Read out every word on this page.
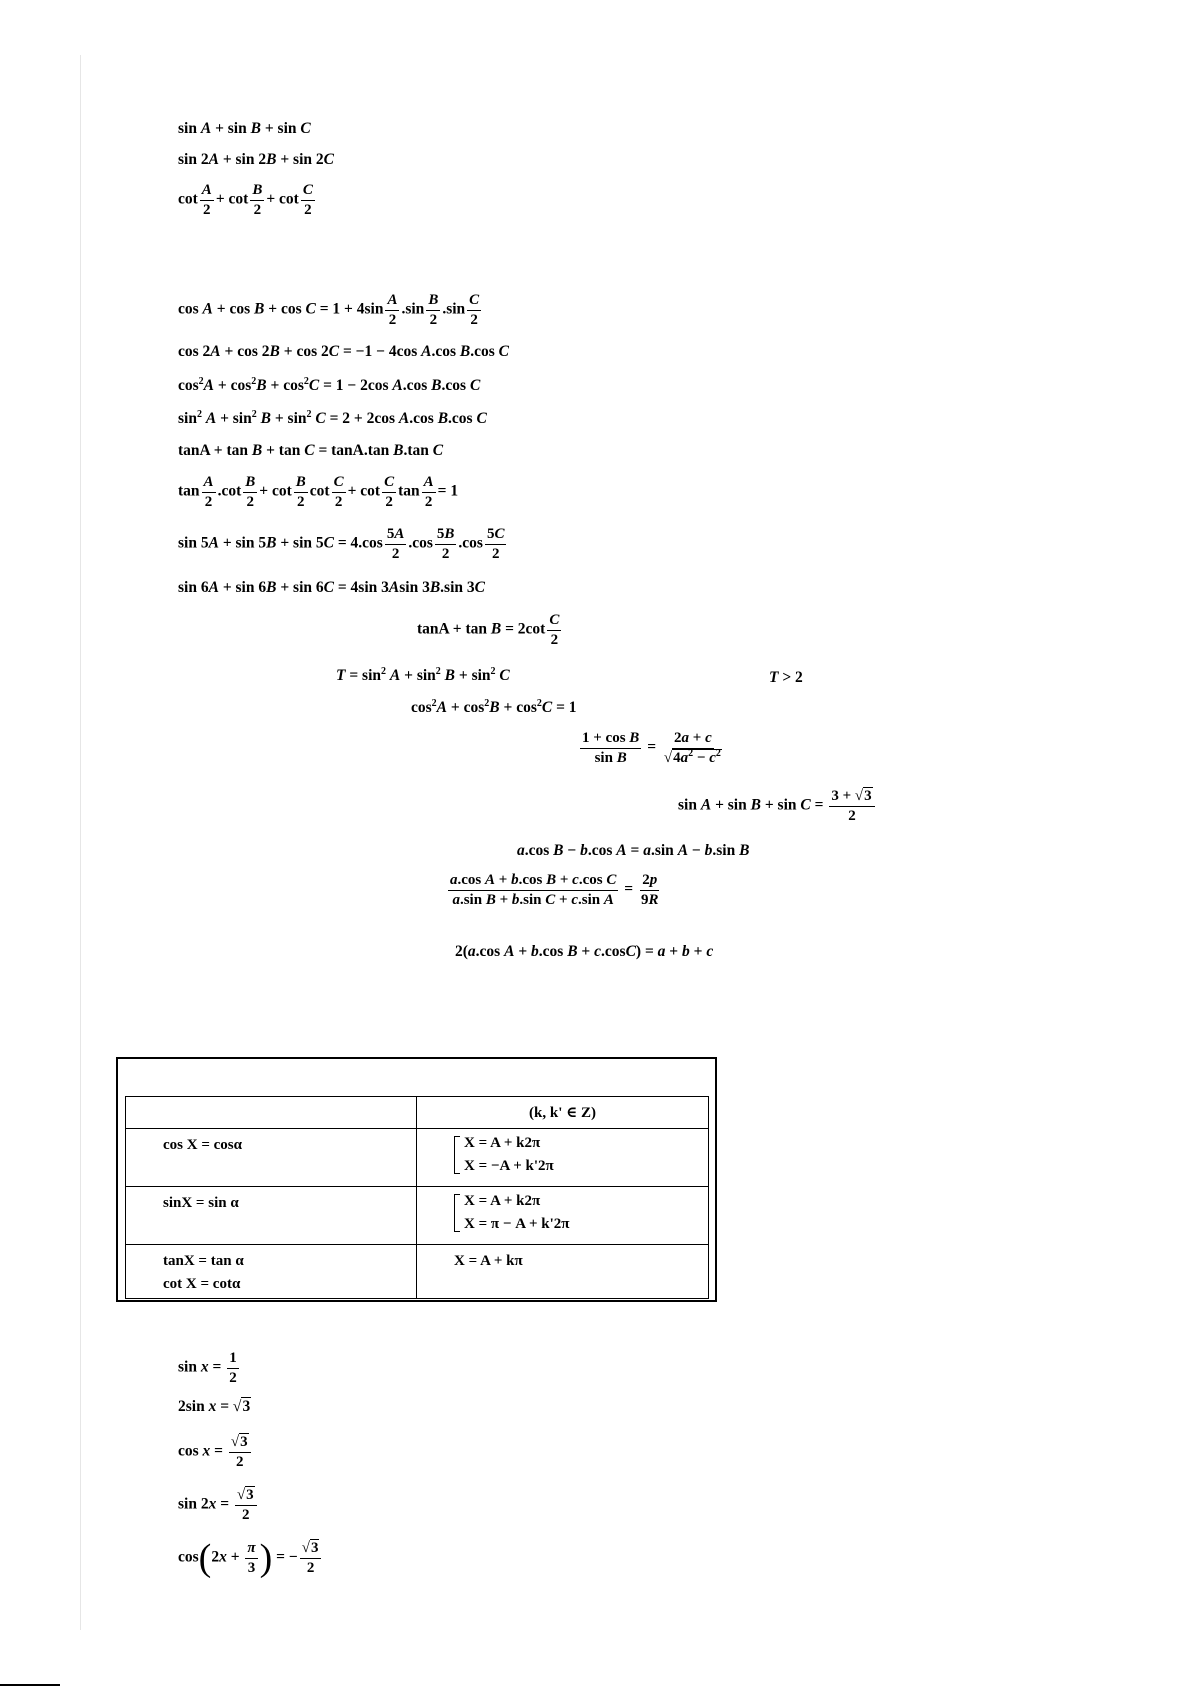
sin A + sin B + sin C
sin 2A + sin 2B + sin 2C
$\cot \frac{A}{2} + \cot \frac{B}{2} + \cot \frac{C}{2}$
$\cos A + \cos B + \cos C = 1 + 4\sin \frac{A}{2} .\sin \frac{B}{2} .\sin \frac{C}{2}$
cos 2A + cos 2B + cos 2C = −1 − 4cos A.cos B.cos C
$\cos^2A + \cos^2B + \cos^2C = 1 - 2\cos$ A.cos B.cos C
$\sin^2 A + \sin^2 B + \sin^2 C = 2 + 2\cos$ A.cos B.cos C
tanA + tan B + tan C = tanA.tan B.tan C
$\tan \frac{A}{2} .\cot \frac{B}{2} + \cot \frac{B}{2}$ $\cot \frac{C}{2} + \cot \frac{C}{2}$ $\tan \frac{A}{2} = 1$
$\sin 5A + \sin 5B + \sin 5C = 4.\cos \frac{5A}{2} .\cos \frac{5B}{2} .\cos \frac{5C}{2}$
sin 6A + sin 6B + sin 6C = 4sin 3Asin 3B.sin 3C
$\tan A + \tan B = 2\cot \frac{C}{2}$
$T = \sin^2 A + \sin^2 B + \sin^2 C$	T > 2
$\cos^2A + \cos^2B + \cos^2C = 1$
$\frac{\text{1 + cos B}}{\text{sin B}} = \frac{2a + c}{√4a^2 - c^2}$
$\sin A + \sin B + \sin C = \frac{3 + √3}{2}$
a.cos B − b.cos A = a.sin A − b.sin B
$\frac{\text{a.cos A + b.cos B + c.cos C}}{\text{a.sin B + b.sin C + c.sin A}} = \frac{2p}{9R}$
2(a.cos A + b.cos B + c.cosC) = a + b + c
	(k, k' ∈ Z)

cos X = cosα	X = A + k2π
X = −A + k'2π

sinX = sin α	X = A + k2π
X = π − A + k'2π

tanX = tan α
cot X = cotα	X = A + kπ
$\sin x = \frac{1}{2}$
2sin x = √3
$\cos x = \frac{√3}{2}$
$\sin 2x = \frac{√3}{2}$
$\cos(2x + \frac{\pi}{3}$ ) = − $\frac{√3}{2}$
